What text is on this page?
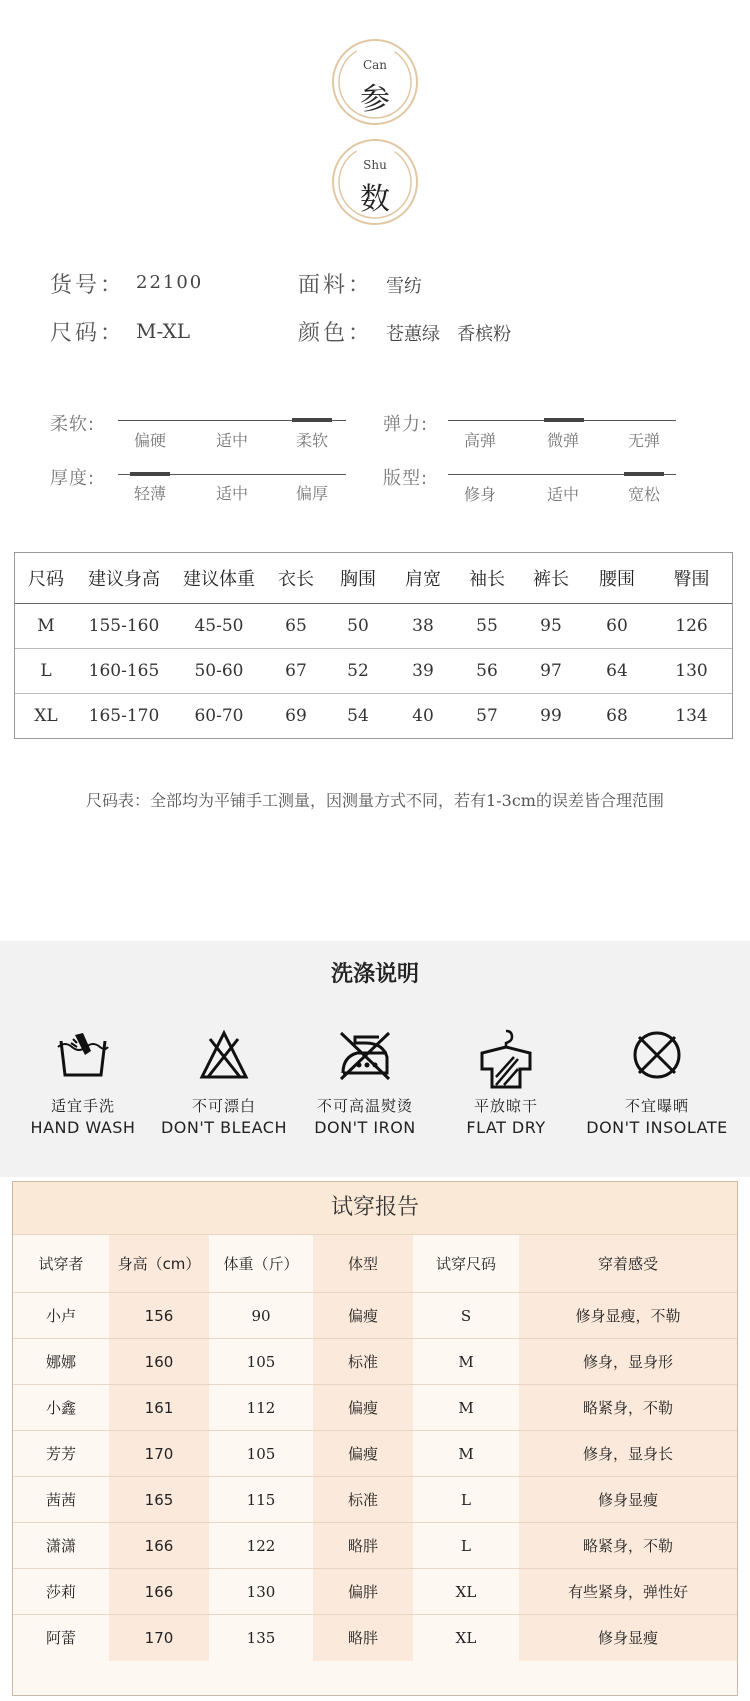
Can
参
Shu
数
货号： 22100	面料： 雪纺
尺码： M-XL	颜色： 苍蕙绿   香槟粉
柔软:
偏硬	适中	柔软
弹力:
高弹	微弹	无弹
厚度:
轻薄	适中	偏厚
版型:
修身	适中	宽松
尺码	建议身高	建议体重	衣长	胸围	肩宽	袖长	裤长	腰围	臀围
M	155-160	45-50	65	50	38	55	95	60	126
L	160-165	50-60	67	52	39	56	97	64	130
XL	165-170	60-70	69	54	40	57	99	68	134
尺码表：全部均为平铺手工测量，因测量方式不同，若有1-3cm的误差皆合理范围
洗涤说明
适宜手洗
HAND WASH
不可漂白
DON'T BLEACH
不可高温熨烫
DON'T IRON
平放晾干
FLAT DRY
不宜曝晒
DON'T INSOLATE
试穿报告
试穿者	身高（cm）	体重（斤）	体型	试穿尺码	穿着感受
小卢	156	90	偏瘦	S	修身显瘦，不勒
娜娜	160	105	标准	M	修身，显身形
小鑫	161	112	偏瘦	M	略紧身，不勒
芳芳	170	105	偏瘦	M	修身，显身长
茜茜	165	115	标准	L	修身显瘦
潇潇	166	122	略胖	L	略紧身，不勒
莎莉	166	130	偏胖	XL	有些紧身，弹性好
阿蕾	170	135	略胖	XL	修身显瘦
